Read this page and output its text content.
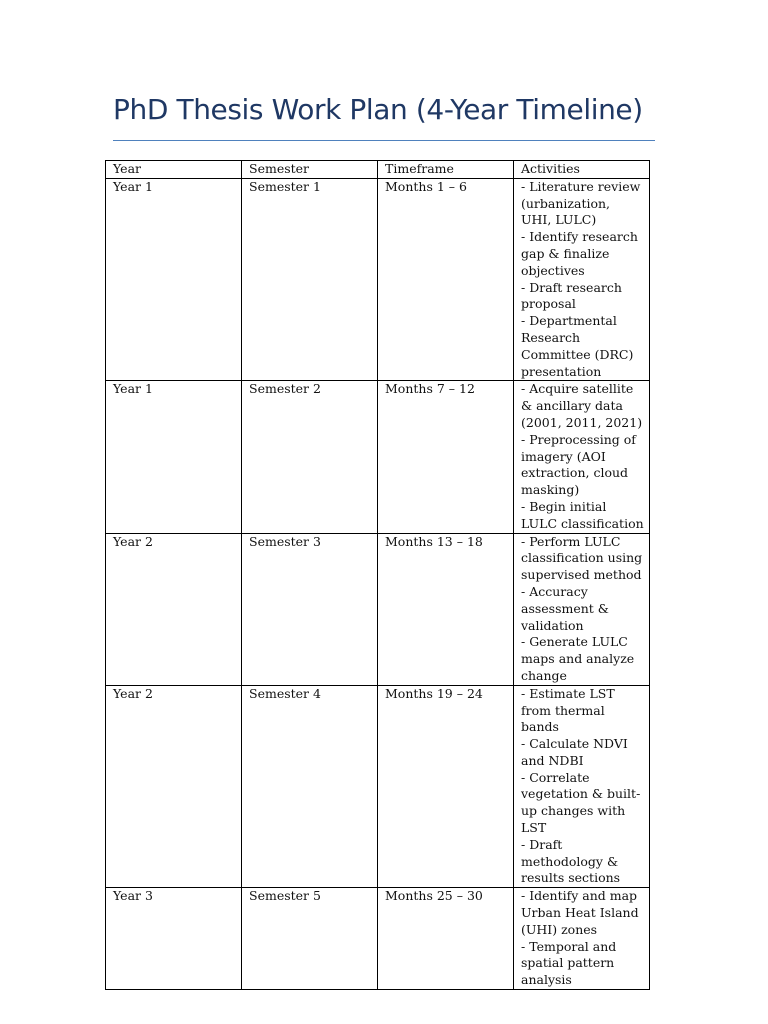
PhD Thesis Work Plan (4-Year Timeline)
Year	Semester	Timeframe	Activities
Year 1	Semester 1	Months 1 – 6	- Literature review (urbanization, UHI, LULC)
- Identify research gap & finalize objectives
- Draft research proposal
- Departmental Research Committee (DRC) presentation

Year 1	Semester 2	Months 7 – 12	- Acquire satellite & ancillary data (2001, 2011, 2021)
- Preprocessing of imagery (AOI extraction, cloud masking)
- Begin initial LULC classification

Year 2	Semester 3	Months 13 – 18	- Perform LULC classification using supervised method
- Accuracy assessment & validation
- Generate LULC maps and analyze change

Year 2	Semester 4	Months 19 – 24	- Estimate LST from thermal bands
- Calculate NDVI and NDBI
- Correlate vegetation & built-up changes with LST
- Draft methodology & results sections

Year 3	Semester 5	Months 25 – 30	- Identify and map Urban Heat Island (UHI) zones
- Temporal and spatial pattern analysis
